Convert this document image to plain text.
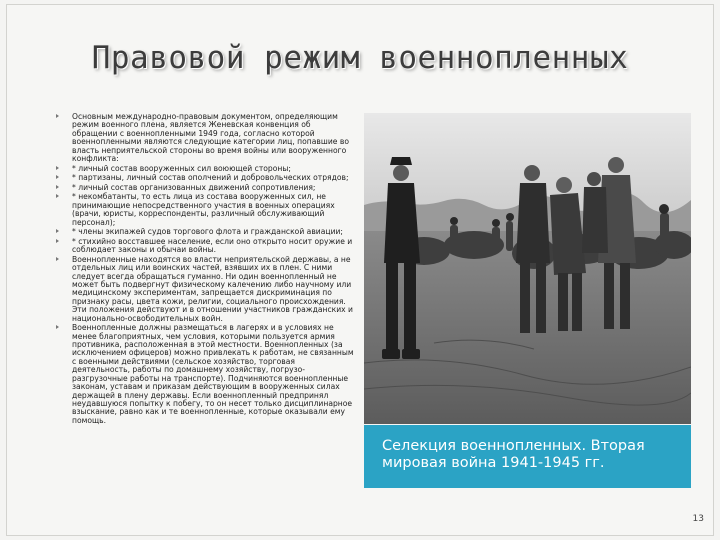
Правовой режим военнопленных
Основным международно-правовым документом, определяющим режим военного плена, является Женевская конвенция об обращении с военнопленными 1949 года, согласно которой военнопленными являются следующие категории лиц, попавшие во власть неприятельской стороны во время войны или вооруженного конфликта:
* личный состав вооруженных сил воюющей стороны;
* партизаны, личный состав ополчений и добровольческих отрядов;
* личный состав организованных движений сопротивления;
* некомбатанты, то есть лица из состава вооруженных сил, не принимающие непосредственного участия в военных операциях (врачи, юристы, корреспонденты, различный обслуживающий персонал);
* члены экипажей судов торгового флота и гражданской авиации;
* стихийно восставшее население, если оно открыто носит оружие и соблюдает законы и обычаи войны.
Военнопленные находятся во власти неприятельской державы, а не отдельных лиц или воинских частей, взявших их в плен. С ними следует всегда обращаться гуманно. Ни один военнопленный не может быть подвергнут физическому калечению либо научному или медицинскому экспериментам, запрещается дискриминация по признаку расы, цвета кожи, религии, социального происхождения. Эти положения действуют и в отношении участников гражданских и национально-освободительных войн.
Военнопленные должны размещаться в лагерях и в условиях не менее благоприятных, чем условия, которыми пользуется армия противника, расположенная в этой местности. Военнопленных (за исключением офицеров) можно привлекать к работам, не связанным с военными действиями (сельское хозяйство, торговая деятельность, работы по домашнему хозяйству, погрузо-разгрузочные работы на транспорте). Подчиняются военнопленные законам, уставам и приказам действующим в вооруженных силах держащей в плену державы. Если военнопленный предпринял неудавшуюся попытку к побегу, то он несет только дисциплинарное взыскание, равно как и те военнопленные, которые оказывали ему помощь.
Селекция военнопленных. Вторая мировая война 1941-1945 гг.
13
